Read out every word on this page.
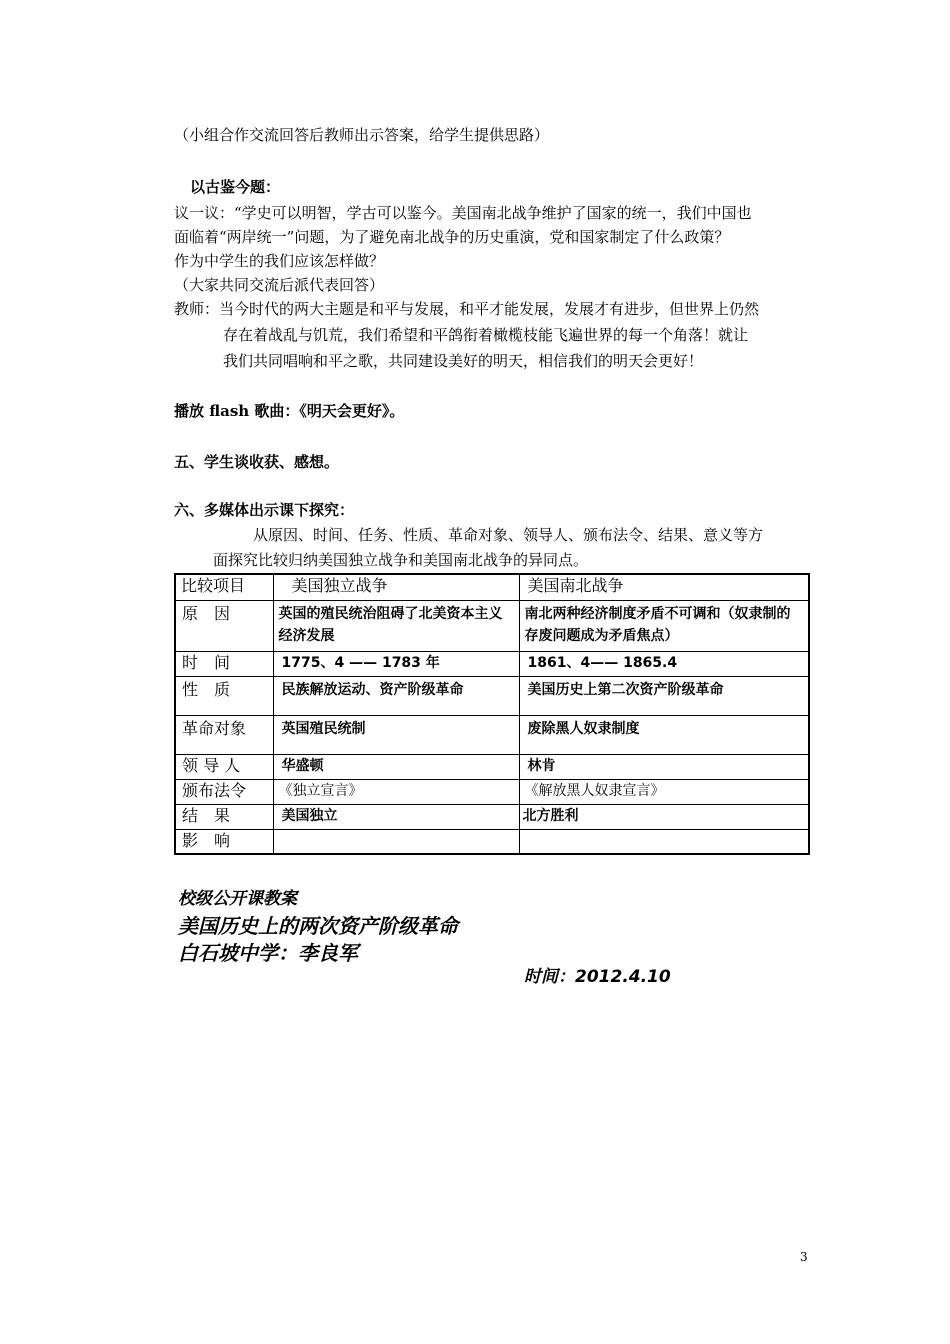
（小组合作交流回答后教师出示答案，给学生提供思路）
以古鉴今题：
议一议：“学史可以明智，学古可以鉴今。美国南北战争维护了国家的统一，我们中国也
面临着“两岸统一”问题，为了避免南北战争的历史重演，党和国家制定了什么政策？
作为中学生的我们应该怎样做？
（大家共同交流后派代表回答）
教师：当今时代的两大主题是和平与发展，和平才能发展，发展才有进步，但世界上仍然
存在着战乱与饥荒，我们希望和平鸽衔着橄榄枝能飞遍世界的每一个角落！就让
我们共同唱响和平之歌，共同建设美好的明天，相信我们的明天会更好！
播放 flash 歌曲：《明天会更好》。
五、学生谈收获、感想。
六、多媒体出示课下探究：
从原因、时间、任务、性质、革命对象、领导人、颁布法令、结果、意义等方
面探究比较归纳美国独立战争和美国南北战争的异同点。
比较项目	美国独立战争	美国南北战争
原　因	英国的殖民统治阻碍了北美资本主义经济发展	南北两种经济制度矛盾不可调和（奴隶制的存废问题成为矛盾焦点）
时　间	1775、4 —— 1783 年	1861、4—— 1865.4
性　质	民族解放运动、资产阶级革命	美国历史上第二次资产阶级革命
革命对象	英国殖民统制	废除黑人奴隶制度
领 导 人	华盛顿	林肯
颁布法令	《独立宣言》	《解放黑人奴隶宣言》
结　果	美国独立	北方胜利
影　响		
校级公开课教案
美国历史上的两次资产阶级革命
白石坡中学：李良军
时间：2012.4.10
3
